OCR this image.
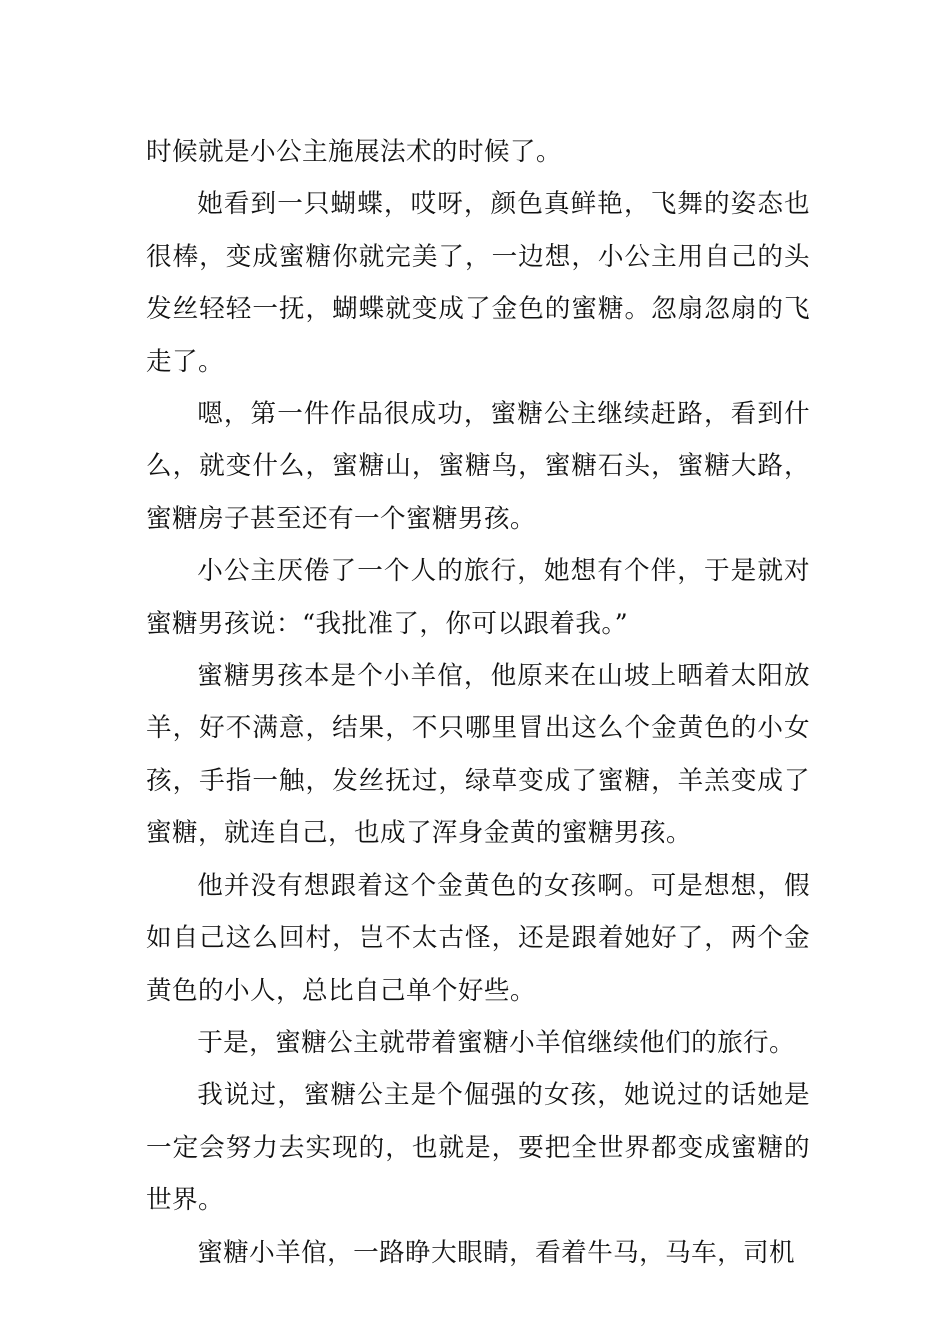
时候就是小公主施展法术的时候了。

她看到一只蝴蝶，哎呀，颜色真鲜艳，飞舞的姿态也很棒，变成蜜糖你就完美了，一边想，小公主用自己的头发丝轻轻一抚，蝴蝶就变成了金色的蜜糖。忽扇忽扇的飞走了。

嗯，第一件作品很成功，蜜糖公主继续赶路，看到什么，就变什么，蜜糖山，蜜糖鸟，蜜糖石头，蜜糖大路，蜜糖房子甚至还有一个蜜糖男孩。

小公主厌倦了一个人的旅行，她想有个伴，于是就对蜜糖男孩说：“我批准了，你可以跟着我。”

蜜糖男孩本是个小羊倌，他原来在山坡上晒着太阳放羊，好不满意，结果，不只哪里冒出这么个金黄色的小女孩，手指一触，发丝抚过，绿草变成了蜜糖，羊羔变成了蜜糖，就连自己，也成了浑身金黄的蜜糖男孩。

他并没有想跟着这个金黄色的女孩啊。可是想想，假如自己这么回村，岂不太古怪，还是跟着她好了，两个金黄色的小人，总比自己单个好些。

于是，蜜糖公主就带着蜜糖小羊倌继续他们的旅行。

我说过，蜜糖公主是个倔强的女孩，她说过的话她是一定会努力去实现的，也就是，要把全世界都变成蜜糖的世界。

蜜糖小羊倌，一路睁大眼睛，看着牛马，马车，司机
